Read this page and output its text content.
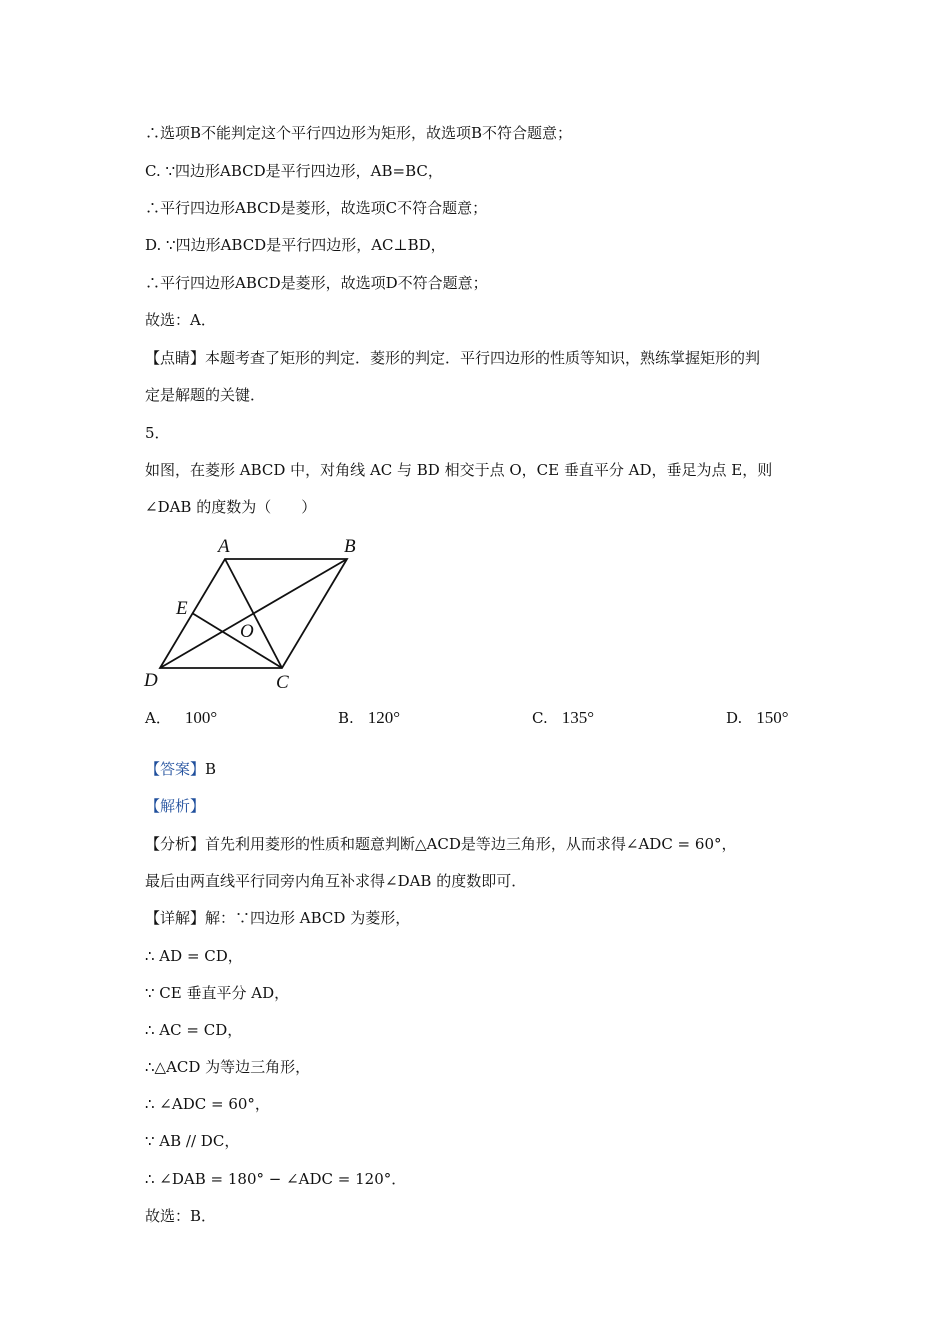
∴选项B不能判定这个平行四边形为矩形，故选项B不符合题意；
C. ∵四边形ABCD是平行四边形，AB=BC，
∴平行四边形ABCD是菱形，故选项C不符合题意；
D. ∵四边形ABCD是平行四边形，AC⊥BD，
∴平行四边形ABCD是菱形，故选项D不符合题意；
故选：A．
【点睛】本题考查了矩形的判定．菱形的判定．平行四边形的性质等知识，熟练掌握矩形的判
定是解题的关键．
5．
如图，在菱形 ABCD 中，对角线 AC 与 BD 相交于点 O，CE 垂直平分 AD，垂足为点 E，则
∠DAB 的度数为（　　）
A	B
C
D
E
O
A． 100°	B. 120°	C. 135°	D. 150°
【答案】B
【解析】
【分析】首先利用菱形的性质和题意判断△ACD是等边三角形，从而求得∠ADC = 60°，
最后由两直线平行同旁内角互补求得∠DAB 的度数即可．
【详解】解：∵四边形 ABCD 为菱形，
∴ AD = CD，
∵ CE 垂直平分 AD，
∴ AC = CD，
∴△ACD 为等边三角形，
∴ ∠ADC = 60°，
∵ AB // DC，
∴ ∠DAB = 180° − ∠ADC = 120°．
故选：B．
